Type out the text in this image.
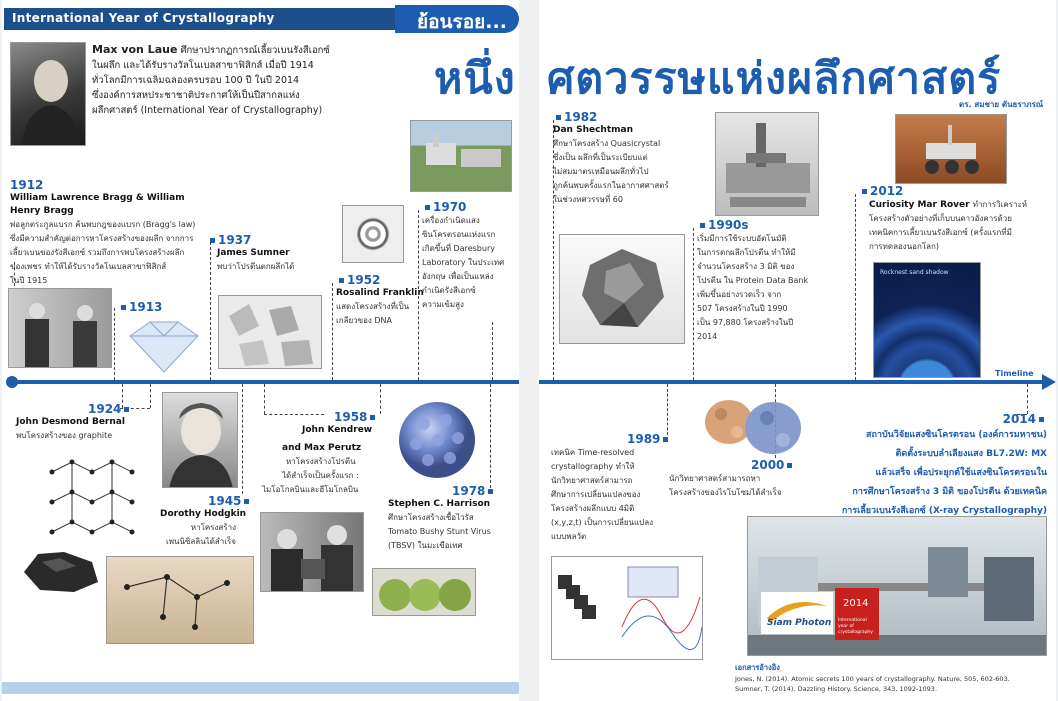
International Year of Crystallography	ย้อนรอย...
หนึ่ง
Max von Laue ศึกษาปรากฏการณ์เลี้ยวเบนรังสีเอกซ์
ในผลึก และได้รับรางวัลโนเบลสาขาฟิสิกส์ เมื่อปี 1914
ทั่วโลกมีการเฉลิมฉลองครบรอบ 100 ปี ในปี 2014
ซึ่งองค์การสหประชาชาติประกาศให้เป็นปีสากลแห่ง
ผลึกศาสตร์ (International Year of Crystallography)
1912
William Lawrence Bragg & William Henry Bragg
พ่อลูกตระกูลแบรก ค้นพบกฎของแบรก (Bragg's law)
ซึ่งมีความสำคัญต่อการหาโครงสร้างของผลึก จากการ
เลี้ยวเบนของรังสีเอกซ์ รวมถึงการพบโครงสร้างผลึก
ของเพชร ทำให้ได้รับรางวัลโนเบลสาขาฟิสิกส์
ในปี 1915
1970
เครื่องกำเนิดแสง
ซินโครตรอนแห่งแรก
เกิดขึ้นที่ Daresbury
Laboratory ในประเทศ
อังกฤษ เพื่อเป็นแหล่ง
กำเนิดรังสีเอกซ์
ความเข้มสูง
1937
James Sumner
พบว่าโปรตีนตกผลึกได้
1952
Rosalind Franklin
แสดงโครงสร้างที่เป็น
เกลียวของ DNA
1913
1924
John Desmond Bernal
พบโครงสร้างของ graphite
1945
Dorothy Hodgkin
หาโครงสร้าง
เพนนิซิลลินได้สำเร็จ
1958
John Kendrew
and Max Perutz
หาโครงสร้างโปรตีน
ได้สำเร็จเป็นครั้งแรก :
ไมโอโกลบินและฮีโมโกลบิน	1978
Stephen C. Harrison
ศึกษาโครงสร้างเชื้อไวรัส
Tomato Bushy Stunt Virus
(TBSV) ในมะเขือเทศ
ศตวรรษแห่งผลึกศาสตร์
ดร. สมชาย ตันธราภรณ์
1982
Dan Shechtman
ศึกษาโครงสร้าง Quasicrystal
ซึ่งเป็น ผลึกที่เป็นระเบียบแต่
ไม่สมมาตรเหมือนผลึกทั่วไป
ถูกค้นพบครั้งแรกในอากาศศาสตร์
ในช่วงทศวรรษที่ 60
2012
Curiosity Mar Rover ทำการวิเคราะห์
โครงสร้างตัวอย่างที่เก็บบนดาวอังคารด้วย
เทคนิคการเลี้ยวเบนรังสีเอกซ์ (ครั้งแรกที่มี
การทดลองนอกโลก)
Rocknest sand shadow
1990s
เริ่มมีการใช้ระบบอัตโนมัติ
ในการตกผลึกโปรตีน ทำให้มี
จำนวนโครงสร้าง 3 มิติ ของ
โปรตีน ใน Protein Data Bank
เพิ่มขึ้นอย่างรวดเร็ว จาก
507 โครงสร้างในปี 1990
เป็น 97,880 โครงสร้างในปี
2014
Timeline
1989
เทคนิค Time-resolved
crystallography ทำให้
นักวิทยาศาสตร์สามารถ
ศึกษาการเปลี่ยนแปลงของ
โครงสร้างผลึกแบบ 4มิติ
(x,y,z,t) เป็นการเปลี่ยนแปลง
แบบพลวัต
2000
นักวิทยาศาสตร์สามารถหา
โครงสร้างของไรโบโซมได้สำเร็จ
2014
สถาบันวิจัยแสงซินโครตรอน (องค์การมหาชน)
ติดตั้งระบบลำเลียงแสง BL7.2W: MX
แล้วเสร็จ เพื่อประยุกต์ใช้แสงซินโครตรอนใน
การศึกษาโครงสร้าง 3 มิติ ของโปรตีน ด้วยเทคนิค
การเลี้ยวเบนรังสีเอกซ์ (X-ray Crystallography)
Siam Photon
2014
International year of crystallography
เอกสารอ้างอิง
Jones, N. (2014). Atomic secrets 100 years of crystallography. Nature, 505, 602-603.
Sumner, T. (2014). Dazzling History. Science, 343, 1092-1093.
